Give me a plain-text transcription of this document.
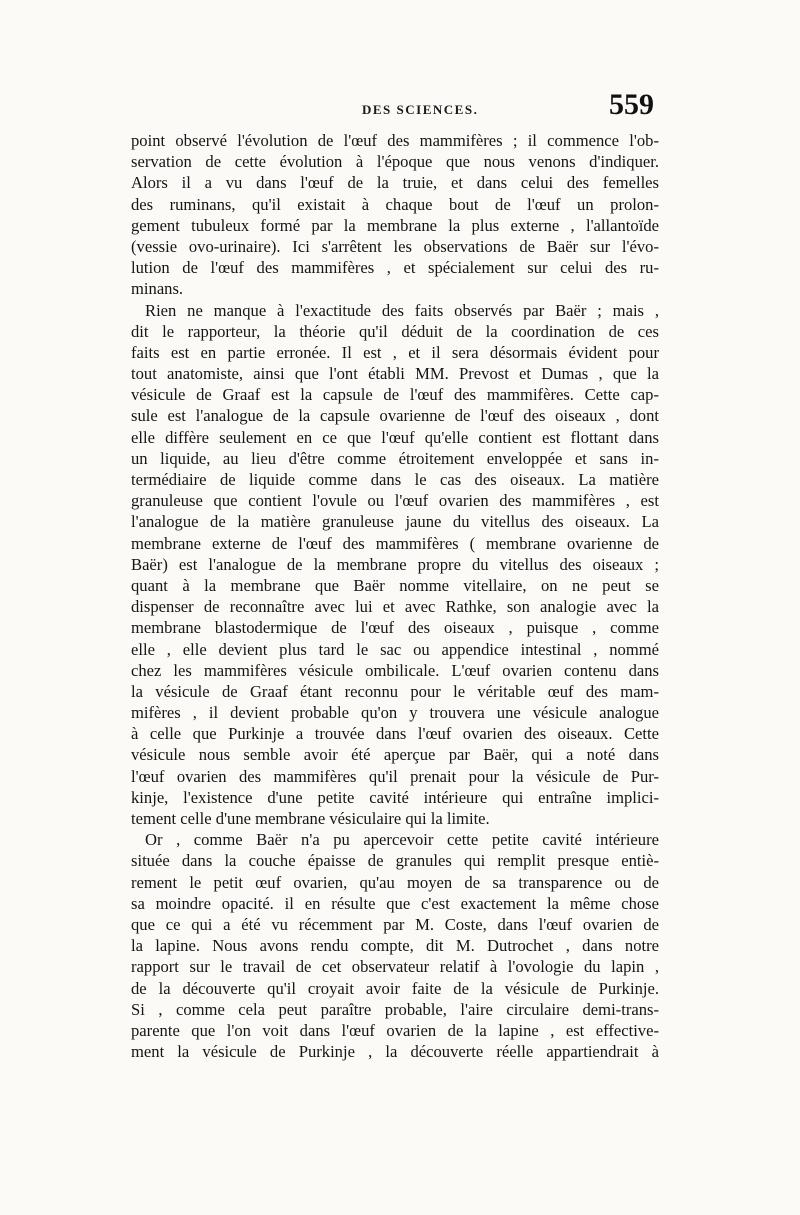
DES SCIENCES.	559
point observé l'évolution de l'œuf des mammifères ; il commence l'ob-
servation de cette évolution à l'époque que nous venons d'indiquer.
Alors il a vu dans l'œuf de la truie, et dans celui des femelles
des ruminans, qu'il existait à chaque bout de l'œuf un prolon-
gement tubuleux formé par la membrane la plus externe , l'allantoïde
(vessie ovo-urinaire). Ici s'arrêtent les observations de Baër sur l'évo-
lution de l'œuf des mammifères , et spécialement sur celui des ru-
minans.
Rien ne manque à l'exactitude des faits observés par Baër ; mais ,
dit le rapporteur, la théorie qu'il déduit de la coordination de ces
faits est en partie erronée. Il est , et il sera désormais évident pour
tout anatomiste, ainsi que l'ont établi MM. Prevost et Dumas , que la
vésicule de Graaf est la capsule de l'œuf des mammifères. Cette cap-
sule est l'analogue de la capsule ovarienne de l'œuf des oiseaux , dont
elle diffère seulement en ce que l'œuf qu'elle contient est flottant dans
un liquide, au lieu d'être comme étroitement enveloppée et sans in-
termédiaire de liquide comme dans le cas des oiseaux. La matière
granuleuse que contient l'ovule ou l'œuf ovarien des mammifères , est
l'analogue de la matière granuleuse jaune du vitellus des oiseaux. La
membrane externe de l'œuf des mammifères ( membrane ovarienne de
Baër) est l'analogue de la membrane propre du vitellus des oiseaux ;
quant à la membrane que Baër nomme vitellaire, on ne peut se
dispenser de reconnaître avec lui et avec Rathke, son analogie avec la
membrane blastodermique de l'œuf des oiseaux , puisque , comme
elle , elle devient plus tard le sac ou appendice intestinal , nommé
chez les mammifères vésicule ombilicale. L'œuf ovarien contenu dans
la vésicule de Graaf étant reconnu pour le véritable œuf des mam-
mifères , il devient probable qu'on y trouvera une vésicule analogue
à celle que Purkinje a trouvée dans l'œuf ovarien des oiseaux. Cette
vésicule nous semble avoir été aperçue par Baër, qui a noté dans
l'œuf ovarien des mammifères qu'il prenait pour la vésicule de Pur-
kinje, l'existence d'une petite cavité intérieure qui entraîne implici-
tement celle d'une membrane vésiculaire qui la limite.
Or , comme Baër n'a pu apercevoir cette petite cavité intérieure
située dans la couche épaisse de granules qui remplit presque entiè-
rement le petit œuf ovarien, qu'au moyen de sa transparence ou de
sa moindre opacité. il en résulte que c'est exactement la même chose
que ce qui a été vu récemment par M. Coste, dans l'œuf ovarien de
la lapine. Nous avons rendu compte, dit M. Dutrochet , dans notre
rapport sur le travail de cet observateur relatif à l'ovologie du lapin ,
de la découverte qu'il croyait avoir faite de la vésicule de Purkinje.
Si , comme cela peut paraître probable, l'aire circulaire demi-trans-
parente que l'on voit dans l'œuf ovarien de la lapine , est effective-
ment la vésicule de Purkinje , la découverte réelle appartiendrait à
